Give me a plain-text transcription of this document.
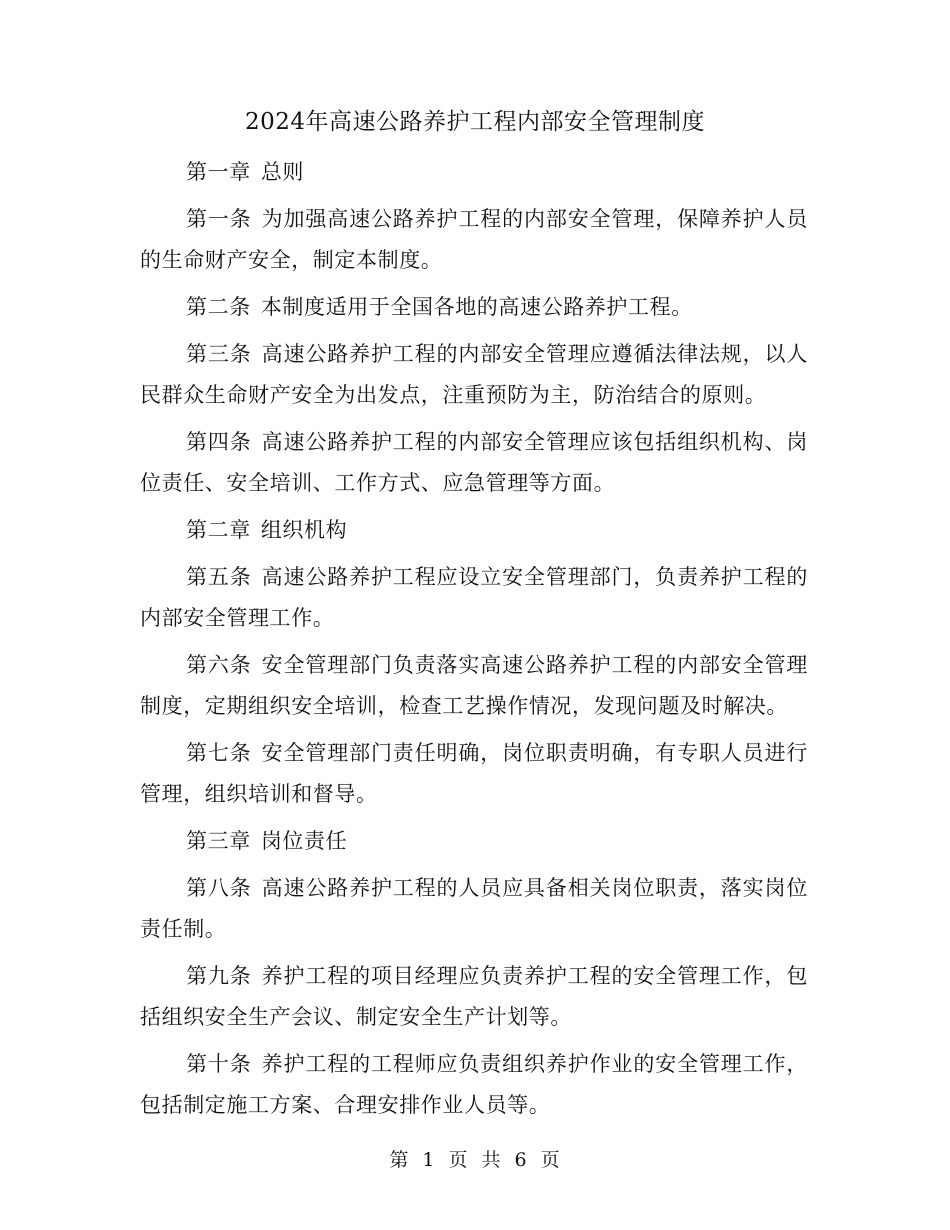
2024年高速公路养护工程内部安全管理制度

第一章 总则

第一条 为加强高速公路养护工程的内部安全管理，保障养护人员的生命财产安全，制定本制度。

第二条 本制度适用于全国各地的高速公路养护工程。

第三条 高速公路养护工程的内部安全管理应遵循法律法规，以人民群众生命财产安全为出发点，注重预防为主，防治结合的原则。

第四条 高速公路养护工程的内部安全管理应该包括组织机构、岗位责任、安全培训、工作方式、应急管理等方面。

第二章 组织机构

第五条 高速公路养护工程应设立安全管理部门，负责养护工程的内部安全管理工作。

第六条 安全管理部门负责落实高速公路养护工程的内部安全管理制度，定期组织安全培训，检查工艺操作情况，发现问题及时解决。

第七条 安全管理部门责任明确，岗位职责明确，有专职人员进行管理，组织培训和督导。

第三章 岗位责任

第八条 高速公路养护工程的人员应具备相关岗位职责，落实岗位责任制。

第九条 养护工程的项目经理应负责养护工程的安全管理工作，包括组织安全生产会议、制定安全生产计划等。

第十条 养护工程的工程师应负责组织养护作业的安全管理工作，包括制定施工方案、合理安排作业人员等。

第 1 页 共 6 页
